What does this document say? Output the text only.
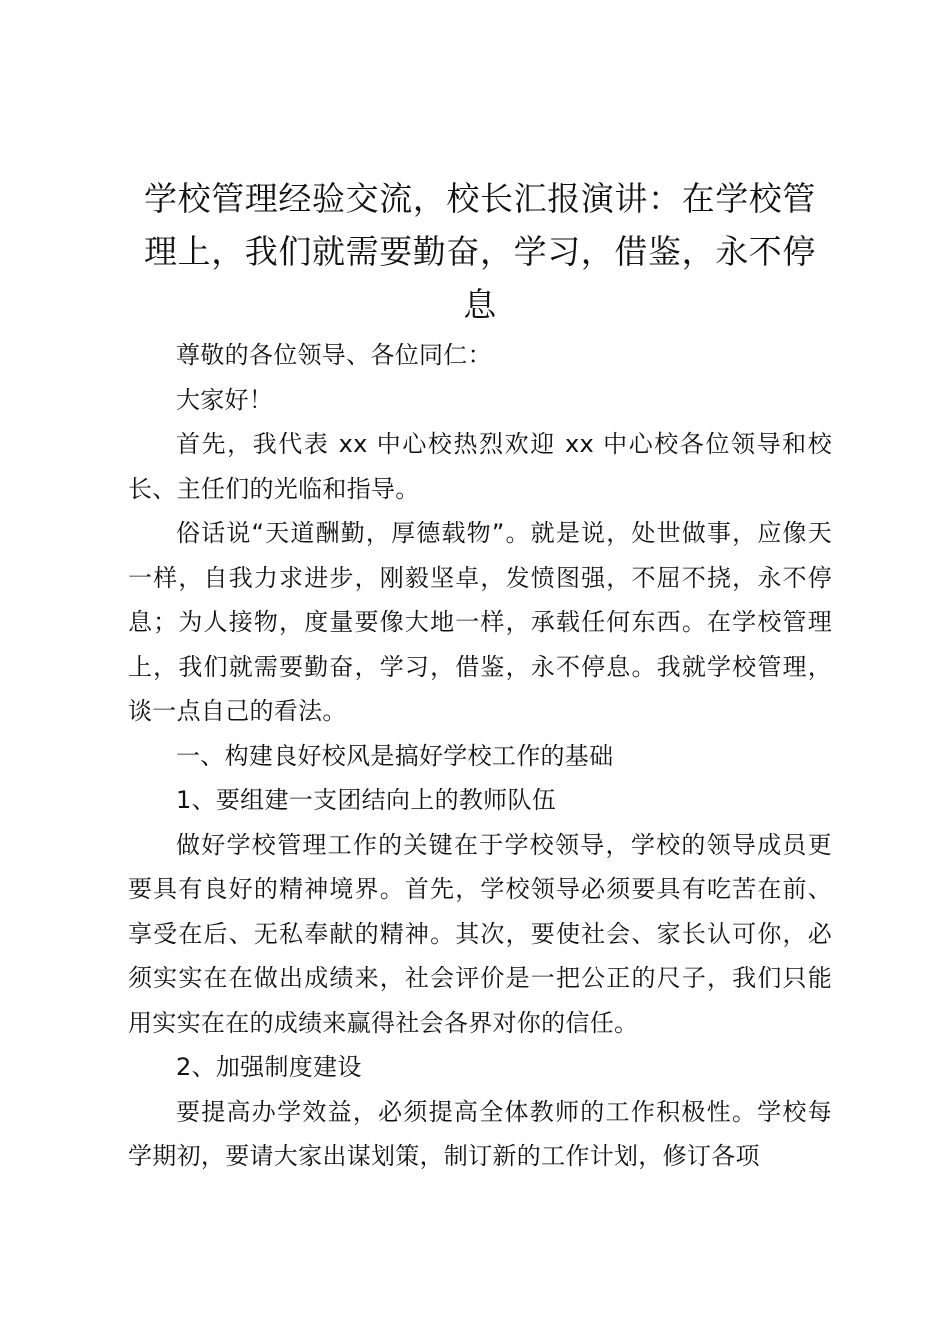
学校管理经验交流，校长汇报演讲：在学校管理上，我们就需要勤奋，学习，借鉴，永不停息

尊敬的各位领导、各位同仁：

大家好！

首先，我代表 xx 中心校热烈欢迎 xx 中心校各位领导和校长、主任们的光临和指导。

俗话说“天道酬勤，厚德载物”。就是说，处世做事，应像天一样，自我力求进步，刚毅坚卓，发愤图强，不屈不挠，永不停息；为人接物，度量要像大地一样，承载任何东西。在学校管理上，我们就需要勤奋，学习，借鉴，永不停息。我就学校管理，谈一点自己的看法。

一、构建良好校风是搞好学校工作的基础

1、要组建一支团结向上的教师队伍

做好学校管理工作的关键在于学校领导，学校的领导成员更要具有良好的精神境界。首先，学校领导必须要具有吃苦在前、享受在后、无私奉献的精神。其次，要使社会、家长认可你，必须实实在在做出成绩来，社会评价是一把公正的尺子，我们只能用实实在在的成绩来赢得社会各界对你的信任。

2、加强制度建设

要提高办学效益，必须提高全体教师的工作积极性。学校每学期初，要请大家出谋划策，制订新的工作计划，修订各项
